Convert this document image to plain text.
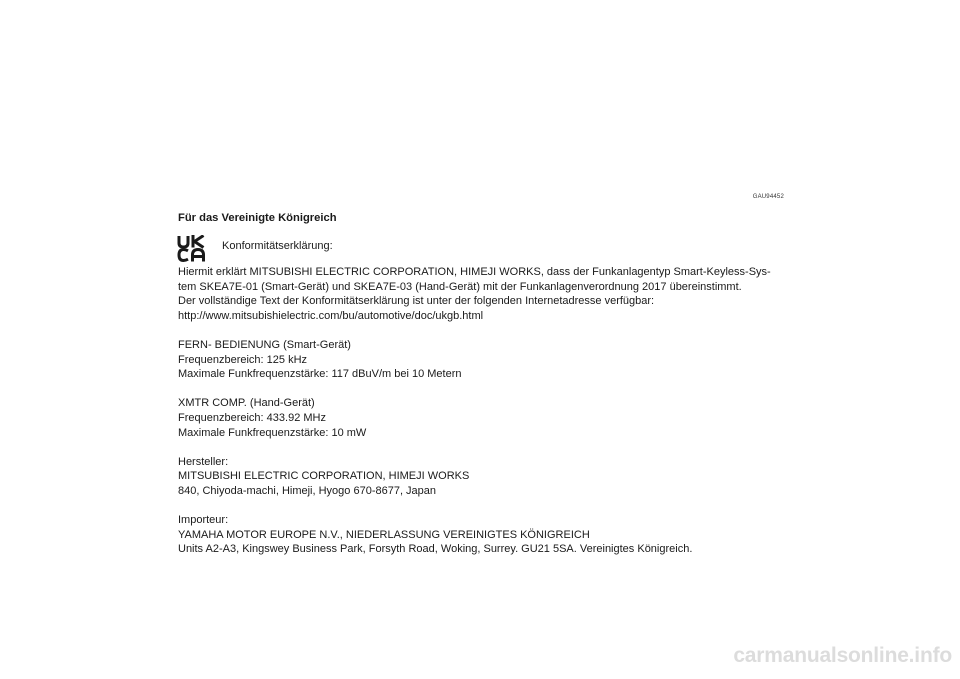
GAU94452
Für das Vereinigte Königreich
Konformitätserklärung:
Hiermit erklärt MITSUBISHI ELECTRIC CORPORATION, HIMEJI WORKS, dass der Funkanlagentyp Smart-Keyless-Sys-
tem SKEA7E-01 (Smart-Gerät) und SKEA7E-03 (Hand-Gerät) mit der Funkanlagenverordnung 2017 übereinstimmt.
Der vollständige Text der Konformitätserklärung ist unter der folgenden Internetadresse verfügbar:
http://www.mitsubishielectric.com/bu/automotive/doc/ukgb.html
FERN- BEDIENUNG (Smart-Gerät)
Frequenzbereich: 125 kHz
Maximale Funkfrequenzstärke: 117 dBuV/m bei 10 Metern
XMTR COMP. (Hand-Gerät)
Frequenzbereich: 433.92 MHz
Maximale Funkfrequenzstärke: 10 mW
Hersteller:
MITSUBISHI ELECTRIC CORPORATION, HIMEJI WORKS
840, Chiyoda-machi, Himeji, Hyogo 670-8677, Japan
Importeur:
YAMAHA MOTOR EUROPE N.V., NIEDERLASSUNG VEREINIGTES KÖNIGREICH
Units A2-A3, Kingswey Business Park, Forsyth Road, Woking, Surrey. GU21 5SA. Vereinigtes Königreich.
carmanualsonline.info
